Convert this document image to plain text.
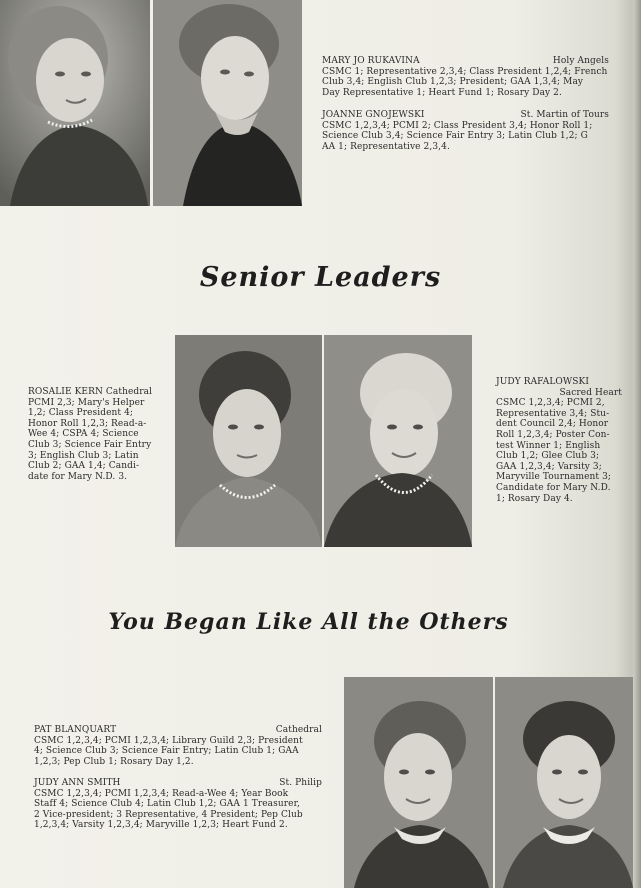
MARY JO RUKAVINA	Holy Angels
CSMC 1; Representative 2,3,4; Class President 1,2,4; French
Club 3,4; English Club 1,2,3; President; GAA 1,3,4; May
Day Representative 1; Heart Fund 1; Rosary Day 2.
JOANNE GNOJEWSKI	St. Martin of Tours
CSMC 1,2,3,4; PCMI 2; Class President 3,4; Honor Roll 1;
Science Club 3,4; Science Fair Entry 3; Latin Club 1,2; G
AA 1; Representative 2,3,4.
Senior Leaders
ROSALIE KERN Cathedral
PCMI 2,3; Mary's Helper
1,2; Class President 4;
Honor Roll 1,2,3; Read-a-
Wee 4; CSPA 4; Science
Club 3; Science Fair Entry
3; English Club 3; Latin
Club 2; GAA 1,4; Candi-
date for Mary N.D. 3.
JUDY RAFALOWSKI
Sacred Heart
CSMC 1,2,3,4; PCMI 2,
Representative 3,4; Stu-
dent Council 2,4; Honor
Roll 1,2,3,4; Poster Con-
test Winner 1; English
Club 1,2; Glee Club 3;
GAA 1,2,3,4; Varsity 3;
Maryville Tournament 3;
Candidate for Mary N.D.
1; Rosary Day 4.
You Began Like All the Others
PAT BLANQUART	Cathedral
CSMC 1,2,3,4; PCMI 1,2,3,4; Library Guild 2,3; President
4; Science Club 3; Science Fair Entry; Latin Club 1; GAA
1,2,3; Pep Club 1; Rosary Day 1,2.
JUDY ANN SMITH	St. Philip
CSMC 1,2,3,4; PCMI 1,2,3,4; Read-a-Wee 4; Year Book
Staff 4; Science Club 4; Latin Club 1,2; GAA 1 Treasurer,
2 Vice-president; 3 Representative, 4 President; Pep Club
1,2,3,4; Varsity 1,2,3,4; Maryville 1,2,3; Heart Fund 2.
